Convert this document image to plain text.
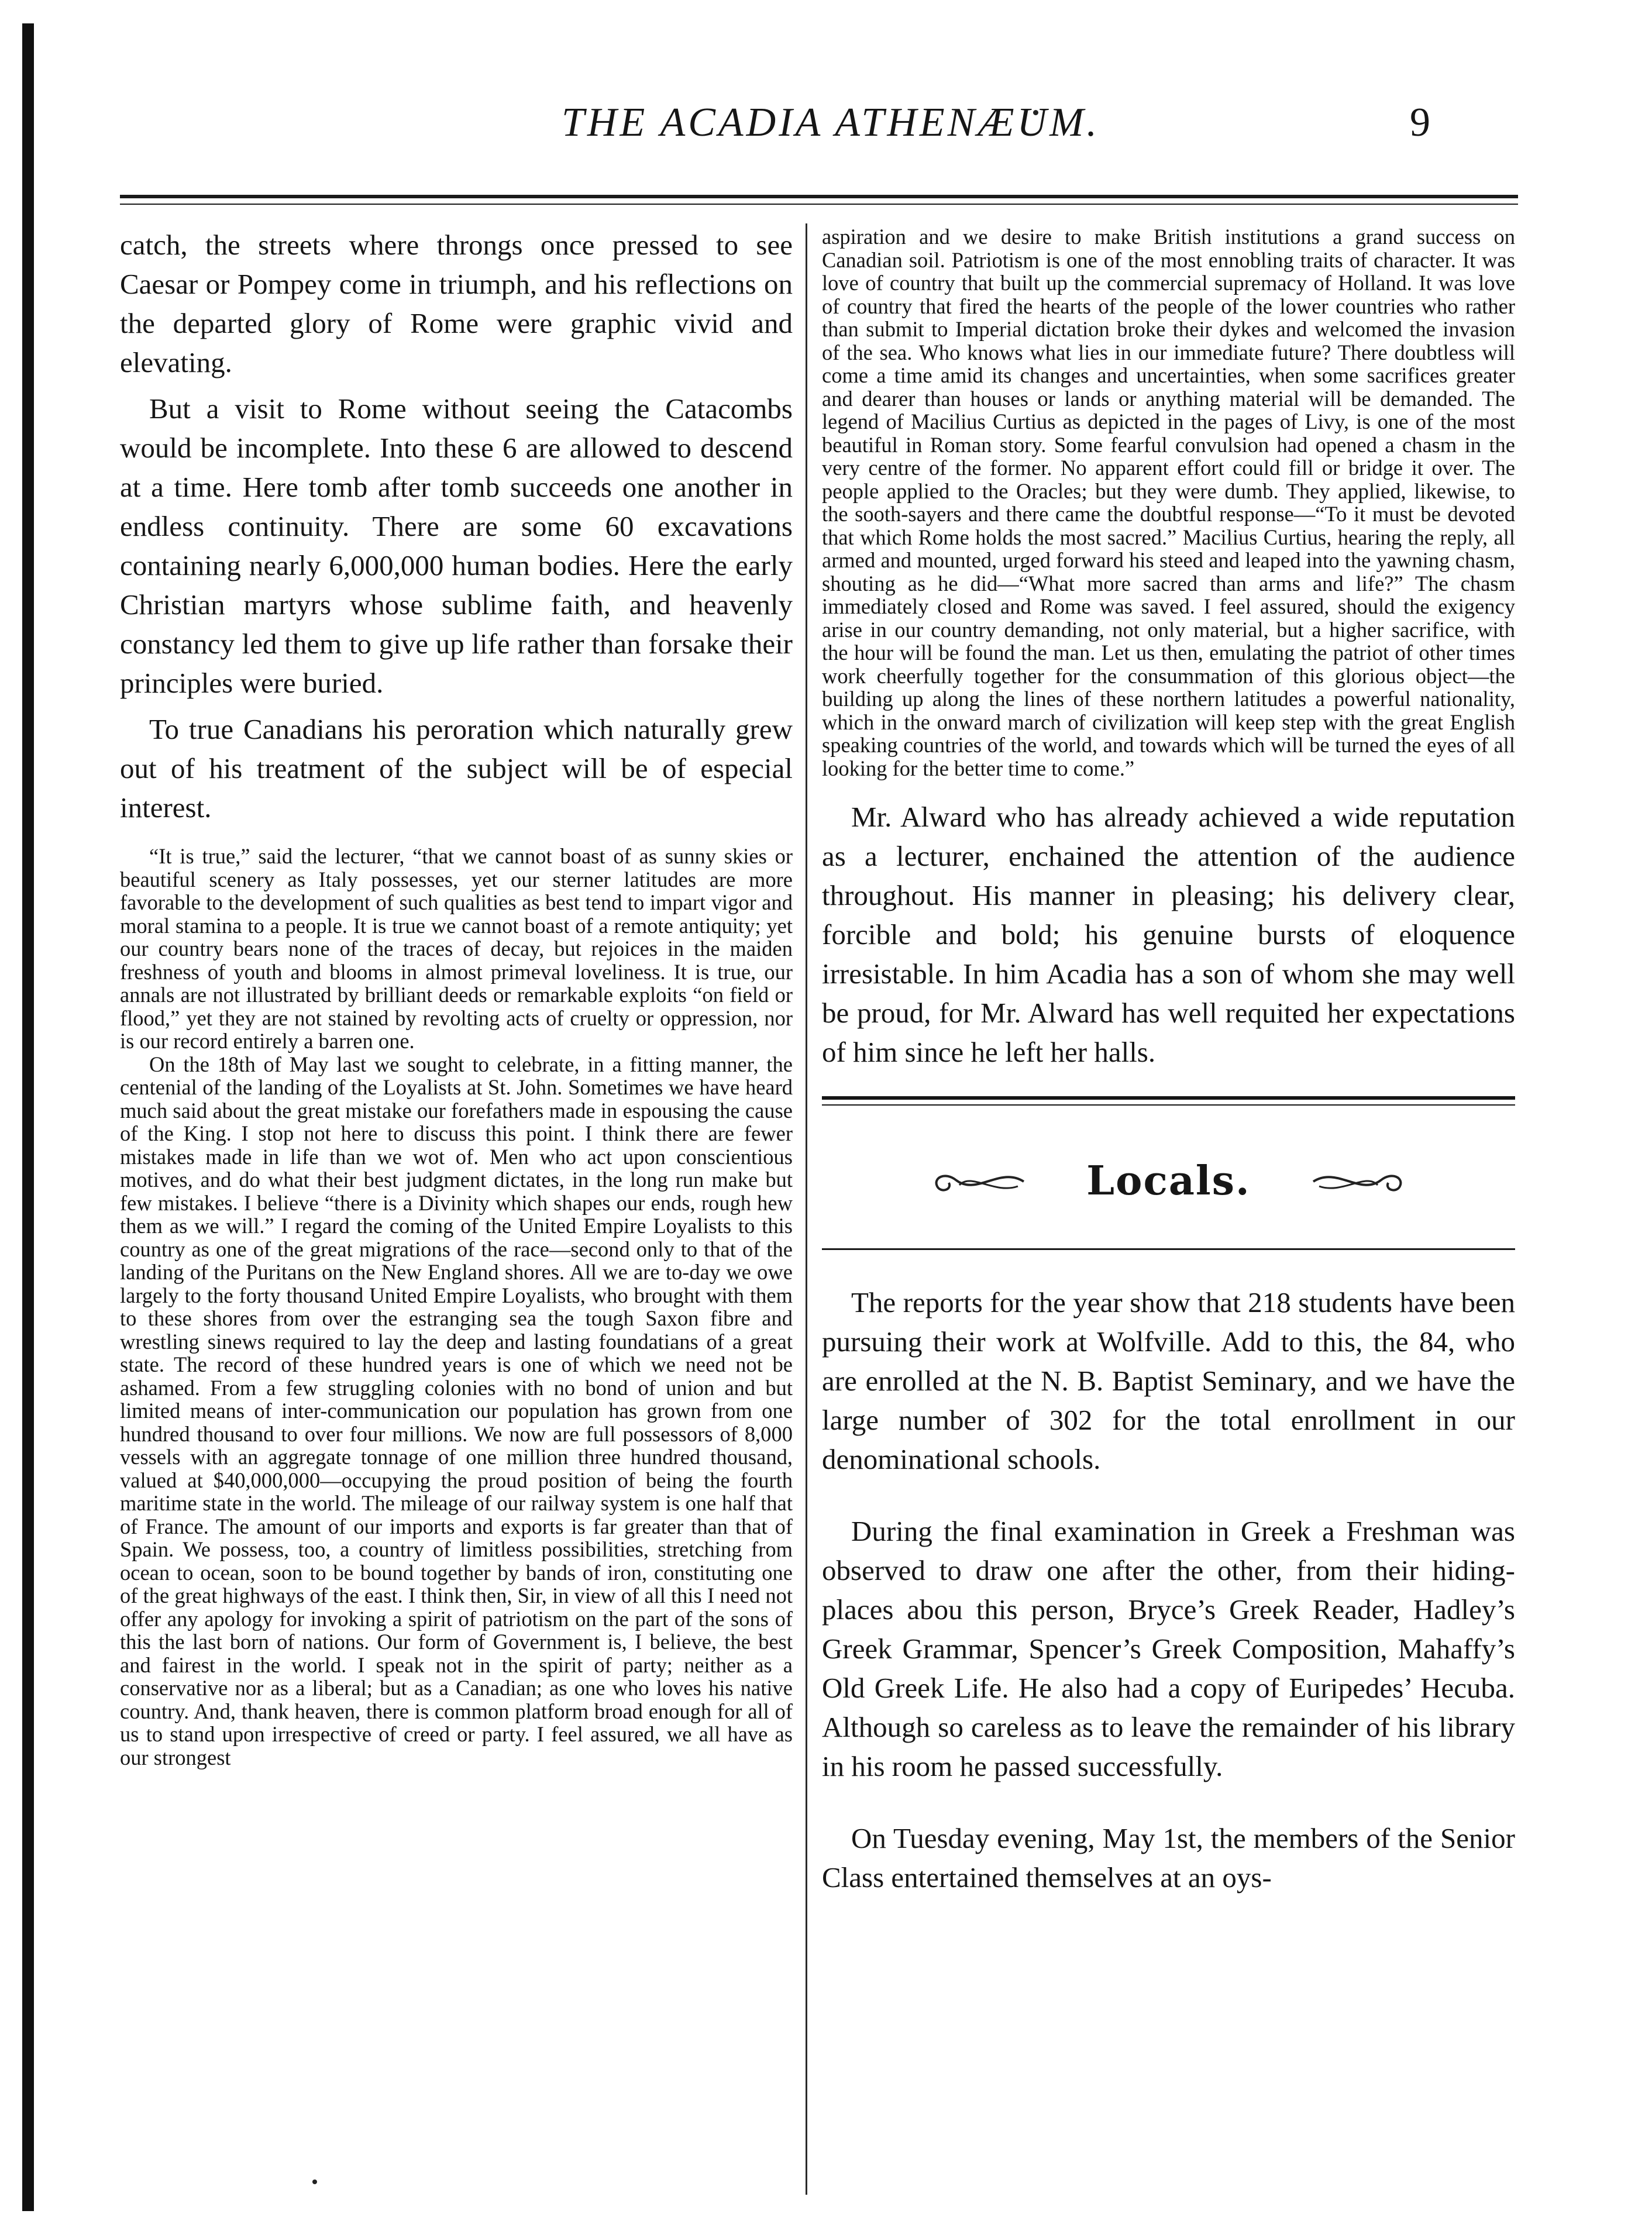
THE ACADIA ATHENÆUM.	9

catch, the streets where throngs once pressed to see Caesar or Pompey come in triumph, and his reflections on the departed glory of Rome were graphic vivid and elevating.

But a visit to Rome without seeing the Catacombs would be incomplete. Into these 6 are allowed to descend at a time. Here tomb after tomb succeeds one another in endless continuity. There are some 60 excavations containing nearly 6,000,000 human bodies. Here the early Christian martyrs whose sublime faith, and heavenly constancy led them to give up life rather than forsake their principles were buried.

To true Canadians his peroration which naturally grew out of his treatment of the subject will be of especial interest.

“It is true,” said the lecturer, “that we cannot boast of as sunny skies or beautiful scenery as Italy possesses, yet our sterner latitudes are more favorable to the development of such qualities as best tend to impart vigor and moral stamina to a people. It is true we cannot boast of a remote antiquity; yet our country bears none of the traces of decay, but rejoices in the maiden freshness of youth and blooms in almost primeval loveliness. It is true, our annals are not illustrated by brilliant deeds or remarkable exploits “on field or flood,” yet they are not stained by revolting acts of cruelty or oppression, nor is our record entirely a barren one.

On the 18th of May last we sought to celebrate, in a fitting manner, the centenial of the landing of the Loyalists at St. John. Sometimes we have heard much said about the great mistake our forefathers made in espousing the cause of the King. I stop not here to discuss this point. I think there are fewer mistakes made in life than we wot of. Men who act upon conscientious motives, and do what their best judgment dictates, in the long run make but few mistakes. I believe “there is a Divinity which shapes our ends, rough hew them as we will.” I regard the coming of the United Empire Loyalists to this country as one of the great migrations of the race—second only to that of the landing of the Puritans on the New England shores. All we are to-day we owe largely to the forty thousand United Empire Loyalists, who brought with them to these shores from over the estranging sea the tough Saxon fibre and wrestling sinews required to lay the deep and lasting foundatians of a great state. The record of these hundred years is one of which we need not be ashamed. From a few struggling colonies with no bond of union and but limited means of inter-communication our population has grown from one hundred thousand to over four millions. We now are full possessors of 8,000 vessels with an aggregate tonnage of one million three hundred thousand, valued at $40,000,000—occupying the proud position of being the fourth maritime state in the world. The mileage of our railway system is one half that of France. The amount of our imports and exports is far greater than that of Spain. We possess, too, a country of limitless possibilities, stretching from ocean to ocean, soon to be bound together by bands of iron, constituting one of the great highways of the east. I think then, Sir, in view of all this I need not offer any apology for invoking a spirit of patriotism on the part of the sons of this the last born of nations. Our form of Government is, I believe, the best and fairest in the world. I speak not in the spirit of party; neither as a conservative nor as a liberal; but as a Canadian; as one who loves his native country. And, thank heaven, there is common platform broad enough for all of us to stand upon irrespective of creed or party. I feel assured, we all have as our strongest

aspiration and we desire to make British institutions a grand success on Canadian soil. Patriotism is one of the most ennobling traits of character. It was love of country that built up the commercial supremacy of Holland. It was love of country that fired the hearts of the people of the lower countries who rather than submit to Imperial dictation broke their dykes and welcomed the invasion of the sea. Who knows what lies in our immediate future? There doubtless will come a time amid its changes and uncertainties, when some sacrifices greater and dearer than houses or lands or anything material will be demanded. The legend of Macilius Curtius as depicted in the pages of Livy, is one of the most beautiful in Roman story. Some fearful convulsion had opened a chasm in the very centre of the former. No apparent effort could fill or bridge it over. The people applied to the Oracles; but they were dumb. They applied, likewise, to the sooth-sayers and there came the doubtful response—“To it must be devoted that which Rome holds the most sacred.” Macilius Curtius, hearing the reply, all armed and mounted, urged forward his steed and leaped into the yawning chasm, shouting as he did—“What more sacred than arms and life?” The chasm immediately closed and Rome was saved. I feel assured, should the exigency arise in our country demanding, not only material, but a higher sacrifice, with the hour will be found the man. Let us then, emulating the patriot of other times work cheerfully together for the consummation of this glorious object—the building up along the lines of these northern latitudes a powerful nationality, which in the onward march of civilization will keep step with the great English speaking countries of the world, and towards which will be turned the eyes of all looking for the better time to come.”

Mr. Alward who has already achieved a wide reputation as a lecturer, enchained the attention of the audience throughout. His manner in pleasing; his delivery clear, forcible and bold; his genuine bursts of eloquence irresistable. In him Acadia has a son of whom she may well be proud, for Mr. Alward has well requited her expectations of him since he left her halls.

Locals.

The reports for the year show that 218 students have been pursuing their work at Wolfville. Add to this, the 84, who are enrolled at the N. B. Baptist Seminary, and we have the large number of 302 for the total enrollment in our denominational schools.

During the final examination in Greek a Freshman was observed to draw one after the other, from their hiding-places abou this person, Bryce’s Greek Reader, Hadley’s Greek Grammar, Spencer’s Greek Composition, Mahaffy’s Old Greek Life. He also had a copy of Euripedes’ Hecuba. Although so careless as to leave the remainder of his library in his room he passed successfully.

On Tuesday evening, May 1st, the members of the Senior Class entertained themselves at an oys-
